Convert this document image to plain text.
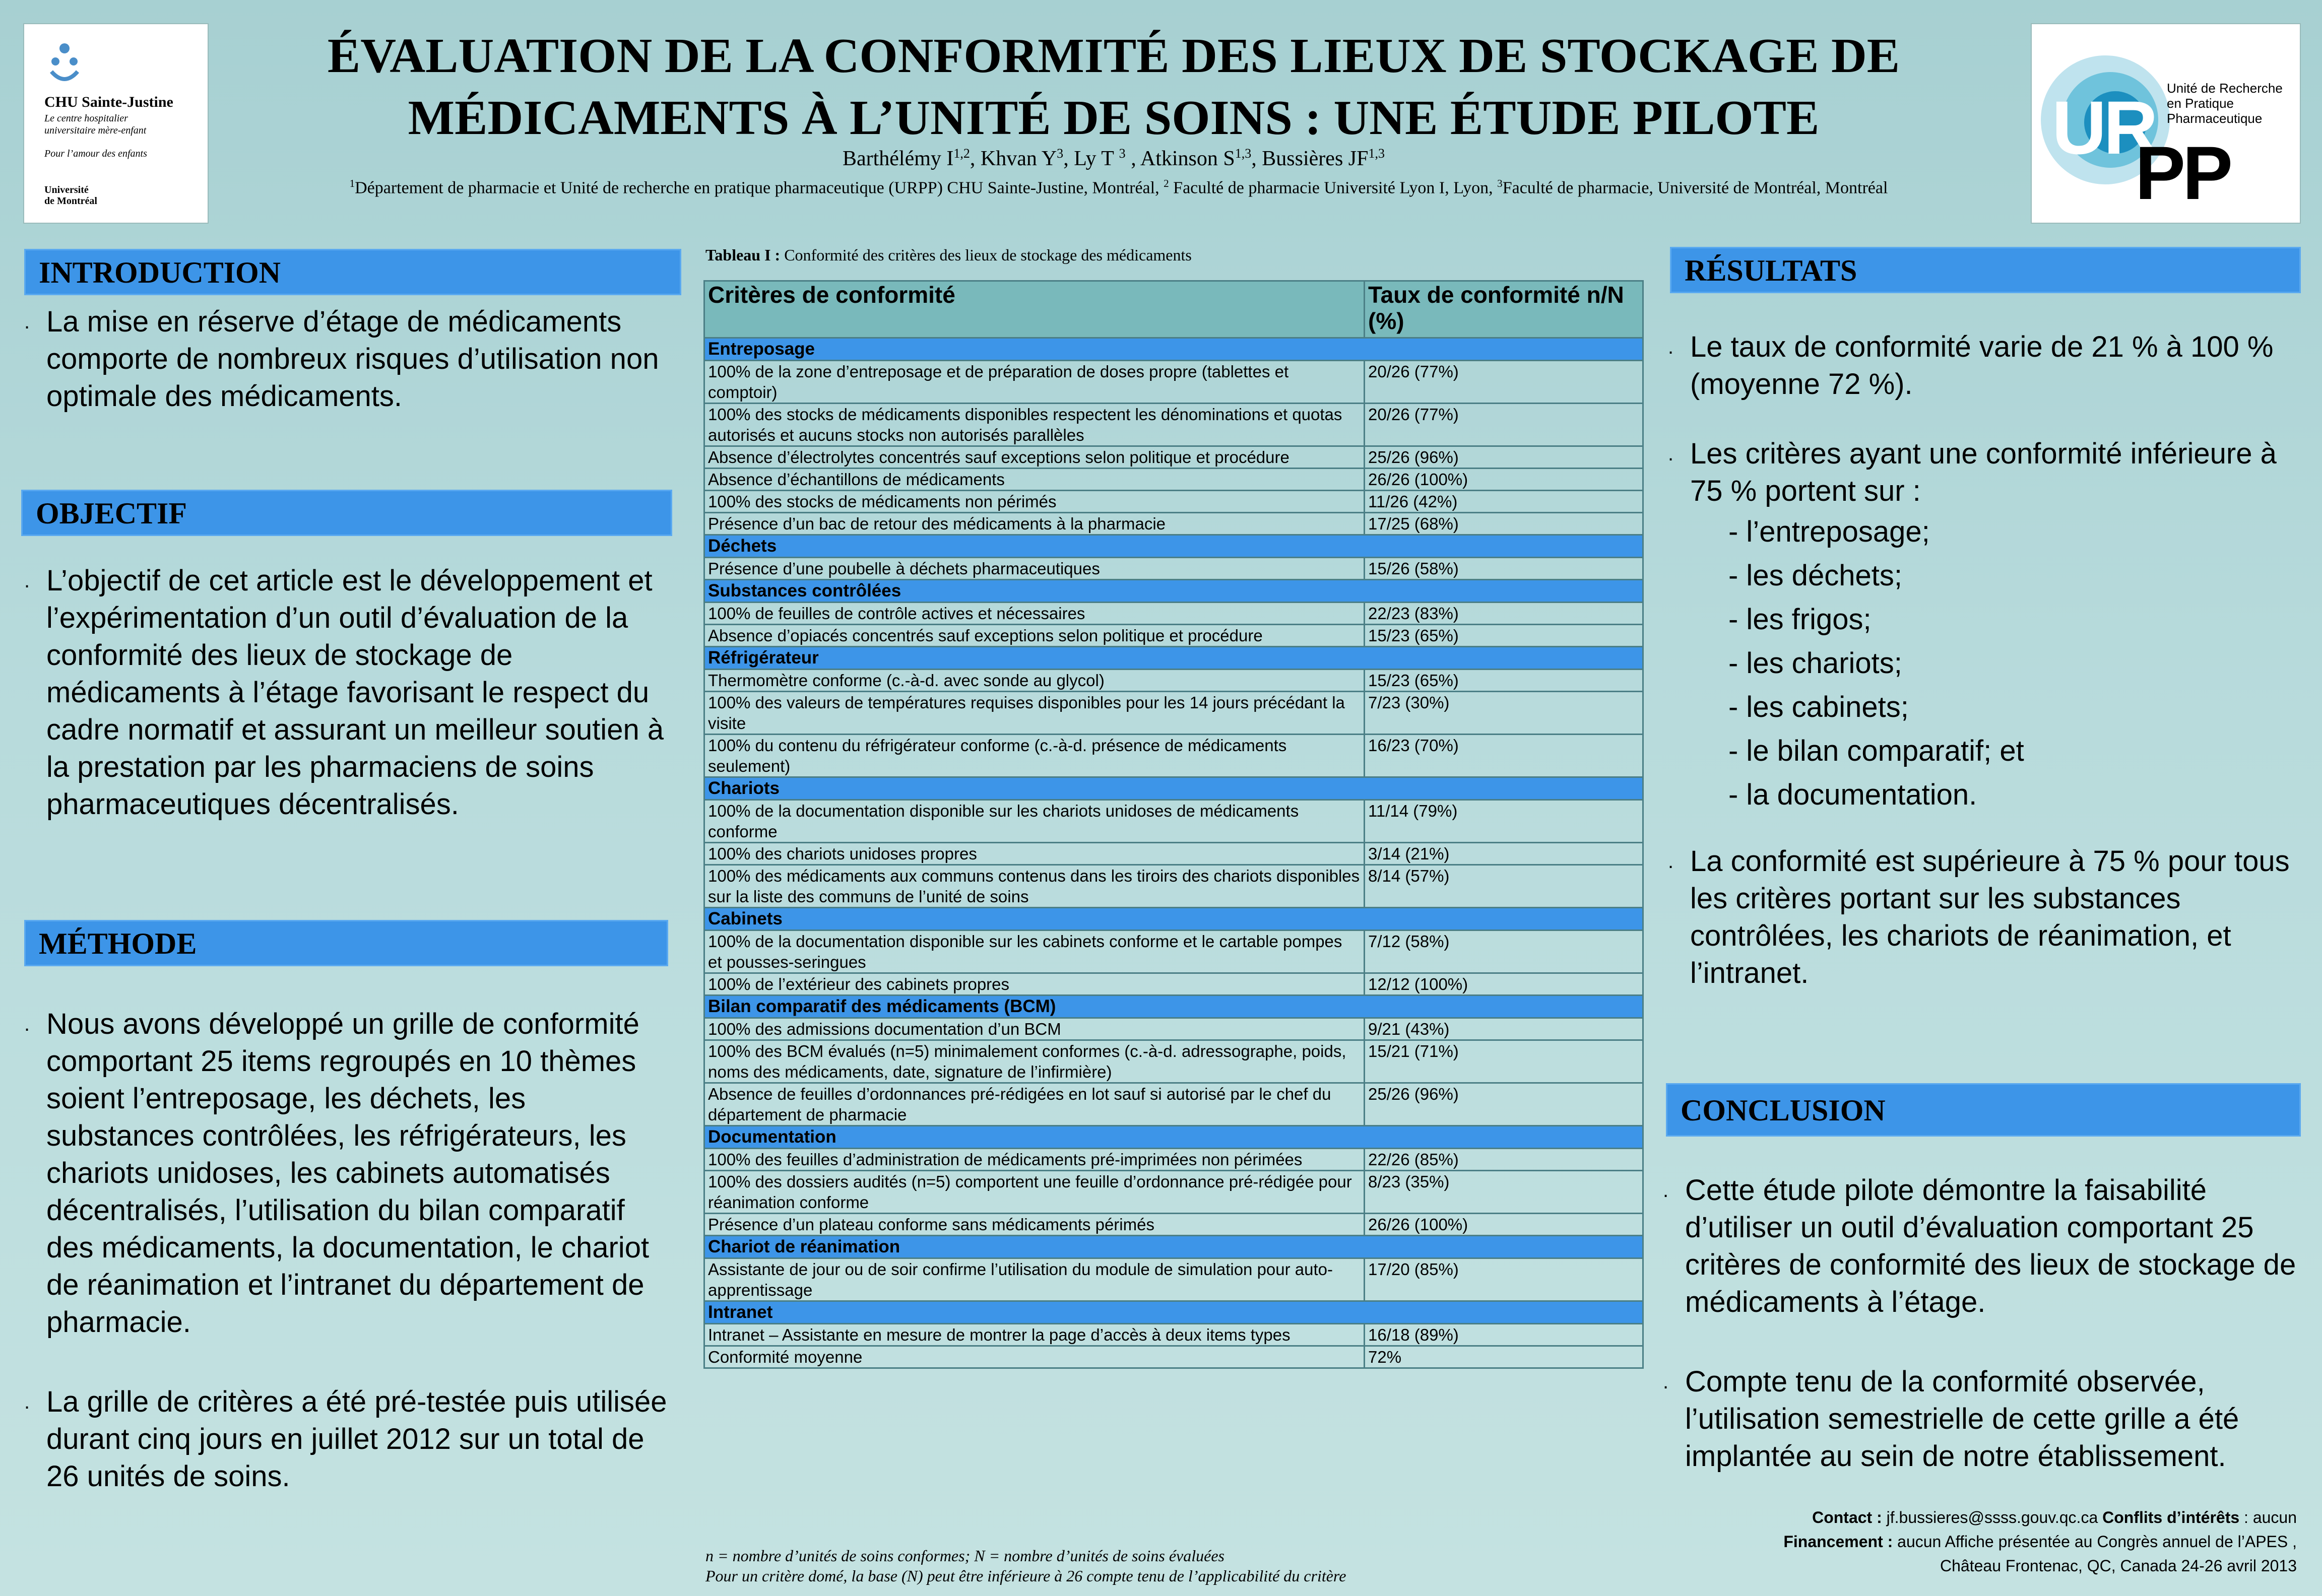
CHU Sainte-Justine
Le centre hospitalier
universitaire mère-enfant
Pour l’amour des enfants
Université
de Montréal
UR
PP
Unité de Recherche
en Pratique
Pharmaceutique
ÉVALUATION DE LA CONFORMITÉ DES LIEUX DE STOCKAGE DE
MÉDICAMENTS À L’UNITÉ DE SOINS : UNE ÉTUDE PILOTE
Barthélémy I$^{1,2}$, Khvan $Y^3$, Ly T $^3$ , Atkinson S$^{1,3}$, Bussières JF$^{1,3}$
$^1$Département de pharmacie et Unité de recherche en pratique pharmaceutique (URPP) CHU Sainte-Justine, Montréal, $^2$ Faculté de pharmacie Université Lyon I, Lyon, $^3$Faculté de pharmacie, Université de Montréal, Montréal
INTRODUCTION

. La mise en réserve d’étage de médicaments comporte de nombreux risques d’utilisation non optimale des médicaments.

OBJECTIF

. L’objectif de cet article est le développement et l’expérimentation d’un outil d’évaluation de la conformité des lieux de stockage de médicaments à l’étage favorisant le respect du cadre normatif et assurant un meilleur soutien à la prestation par les pharmaciens de soins pharmaceutiques décentralisés.

MÉTHODE

. Nous avons développé un grille de conformité comportant 25 items regroupés en 10 thèmes soient l’entreposage, les déchets, les substances contrôlées, les réfrigérateurs, les chariots unidoses, les cabinets automatisés décentralisés, l’utilisation du bilan comparatif des médicaments, la documentation, le chariot de réanimation et l’intranet du département de pharmacie.

. La grille de critères a été pré-testée puis utilisée durant cinq jours en juillet 2012 sur un total de 26 unités de soins.

Tableau I : Conformité des critères des lieux de stockage des médicaments
Critères de conformité	Taux de conformité n/N (%)
Entreposage	
100% de la zone d’entreposage et de préparation de doses propre (tablettes et comptoir)	20/26 (77%)
100% des stocks de médicaments disponibles respectent les dénominations et quotas autorisés et aucuns stocks non autorisés parallèles	20/26 (77%)
Absence d’électrolytes concentrés sauf exceptions selon politique et procédure	25/26 (96%)
Absence d’échantillons de médicaments	26/26 (100%)
100% des stocks de médicaments non périmés	11/26 (42%)
Présence d’un bac de retour des médicaments à la pharmacie	17/25 (68%)
Déchets	
Présence d’une poubelle à déchets pharmaceutiques	15/26 (58%)
Substances contrôlées	
100% de feuilles de contrôle actives et nécessaires	22/23 (83%)
Absence d’opiacés concentrés sauf exceptions selon politique et procédure	15/23 (65%)
Réfrigérateur	
Thermomètre conforme (c.-à-d. avec sonde au glycol)	15/23 (65%)
100% des valeurs de températures requises disponibles pour les 14 jours précédant la visite	7/23 (30%)
100% du contenu du réfrigérateur conforme (c.-à-d. présence de médicaments seulement)	16/23 (70%)
Chariots	
100% de la documentation disponible sur les chariots unidoses de médicaments conforme	11/14 (79%)
100% des chariots unidoses propres	3/14 (21%)
100% des médicaments aux communs contenus dans les tiroirs des chariots disponibles sur la liste des communs de l’unité de soins	8/14 (57%)
Cabinets	
100% de la documentation disponible sur les cabinets conforme et le cartable pompes et pousses-seringues	7/12 (58%)
100% de l’extérieur des cabinets propres	12/12 (100%)
Bilan comparatif des médicaments (BCM)	
100% des admissions documentation d’un BCM	9/21 (43%)
100% des BCM évalués (n=5) minimalement conformes (c.-à-d. adressographe, poids, noms des médicaments, date, signature de l’infirmière)	15/21 (71%)
Absence de feuilles d’ordonnances pré-rédigées en lot sauf si autorisé par le chef du département de pharmacie	25/26 (96%)
Documentation	
100% des feuilles d’administration de médicaments pré-imprimées non périmées	22/26 (85%)
100% des dossiers audités (n=5) comportent une feuille d’ordonnance pré-rédigée pour réanimation conforme	8/23 (35%)
Présence d’un plateau conforme sans médicaments périmés	26/26 (100%)
Chariot de réanimation	
Assistante de jour ou de soir confirme l’utilisation du module de simulation pour auto-apprentissage	17/20 (85%)
Intranet	
Intranet – Assistante en mesure de montrer la page d’accès à deux items types	16/18 (89%)
Conformité moyenne	72%
n = nombre d’unités de soins conformes; N = nombre d’unités de soins évaluées
Pour un critère domé, la base (N) peut être inférieure à 26 compte tenu de l’applicabilité du critère
RÉSULTATS

. Le taux de conformité varie de 21 % à 100 % (moyenne 72 %).

. Les critères ayant une conformité inférieure à 75 % portent sur :

- l’entreposage;

- les déchets;

- les frigos;

- les chariots;

- les cabinets;

- le bilan comparatif; et

- la documentation.

. La conformité est supérieure à 75 % pour tous les critères portant sur les substances contrôlées, les chariots de réanimation, et l’intranet.

CONCLUSION

. Cette étude pilote démontre la faisabilité d’utiliser un outil d’évaluation comportant 25 critères de conformité des lieux de stockage de médicaments à l’étage.

. Compte tenu de la conformité observée, l’utilisation semestrielle de cette grille a été implantée au sein de notre établissement.

Contact : jf.bussieres@ssss.gouv.qc.ca Conflits d’intérêts : aucun
Financement : aucun Affiche présentée au Congrès annuel de l’APES ,
Château Frontenac, QC, Canada 24-26 avril 2013
